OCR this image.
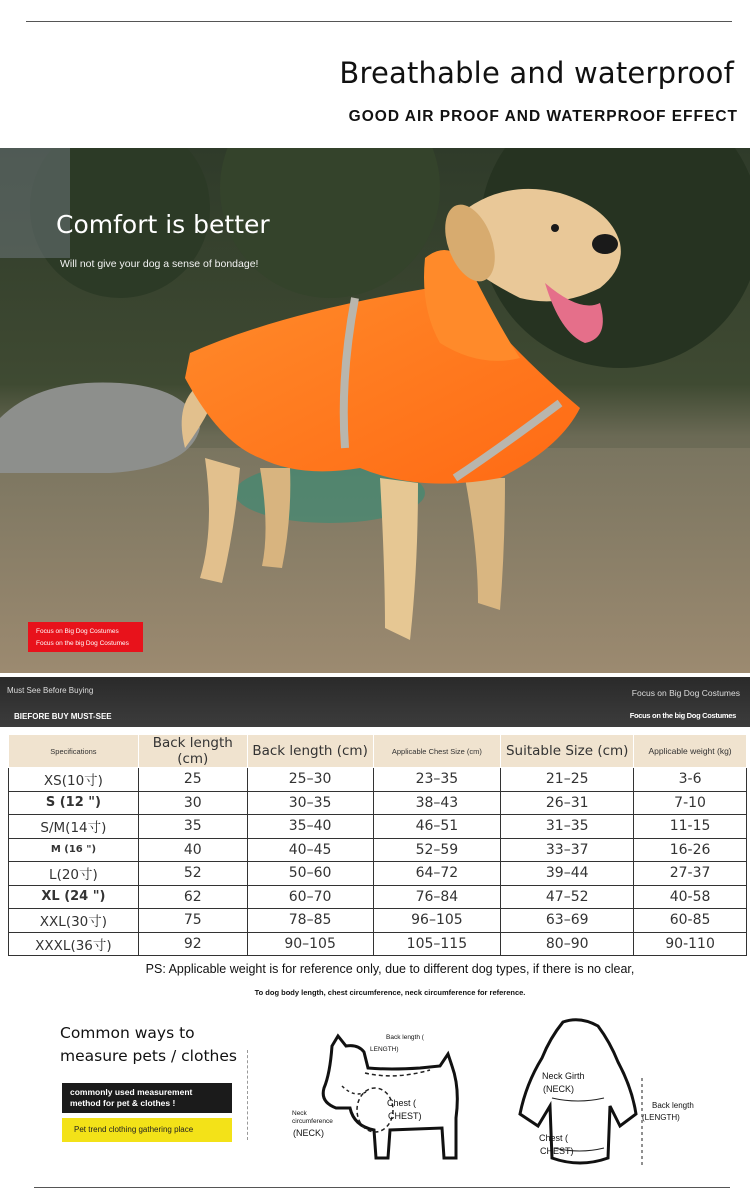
Breathable and waterproof
GOOD AIR PROOF AND WATERPROOF EFFECT
Comfort is better
Will not give your dog a sense of bondage!
Focus on Big Dog Costumes
Focus on the big Dog Costumes
Must See Before Buying
BIEFORE BUY MUST-SEE
Focus on Big Dog Costumes
Focus on the big Dog Costumes
Specifications	Back length (cm)	Back length (cm)	Applicable Chest Size (cm)	Suitable Size (cm)	Applicable weight (kg)
XS(10寸)	25	25–30	23–35	21–25	3-6
S (12 ")	30	30–35	38–43	26–31	7-10
S/M(14寸)	35	35–40	46–51	31–35	11-15
M (16 ")	40	40–45	52–59	33–37	16-26
L(20寸)	52	50–60	64–72	39–44	27-37
XL (24 ")	62	60–70	76–84	47–52	40-58
XXL(30寸)	75	78–85	96–105	63–69	60-85
XXXL(36寸)	92	90–105	105–115	80–90	90-110
PS: Applicable weight is for reference only, due to different dog types, if there is no clear,
To dog body length, chest circumference, neck circumference for reference.
Common ways to
measure pets / clothes
commonly used measurement
method for pet & clothes !
Pet trend clothing gathering place
Back length (
LENGTH)
Chest (
CHEST)
Neck
circumference
(NECK)
Neck Girth
(NECK)
Chest (
CHEST)
Back length
(LENGTH)
